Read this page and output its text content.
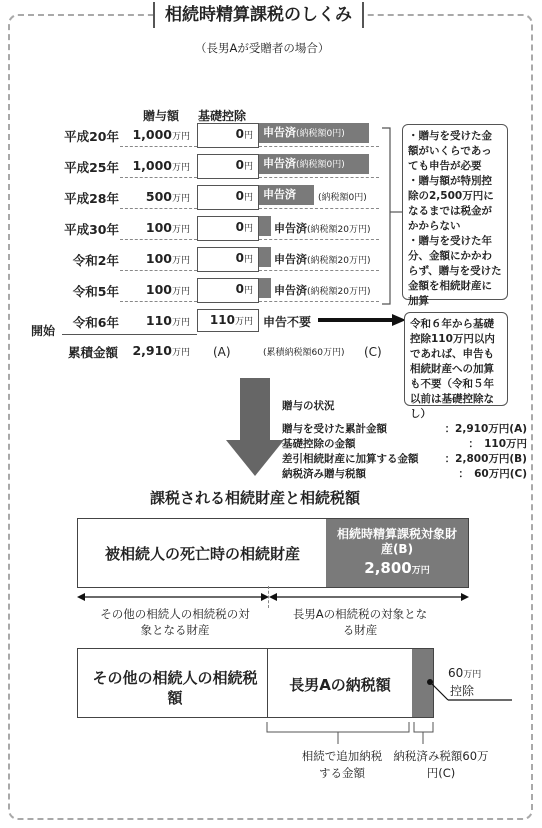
相続時精算課税のしくみ
（長男Aが受贈者の場合）
贈与額 基礎控除
平成20年	1,000万円	0円 申告済(納税額0円)
平成25年	1,000万円	0円 申告済(納税額0円)
平成28年	500万円	0円 申告済	(納税額0円)
平成30年	100万円	0円 申告済(納税額20万円)
令和2年	100万円	0円 申告済(納税額20万円)
令和5年	100万円	0円 申告済(納税額20万円)
令和6年	110万円	110万円 申告不要
開始
累積金額	2,910万円 (A)	(累積納税額60万円) (C)
・贈与を受けた金額がいくらであっても申告が必要
・贈与額が特別控除の2,500万円になるまでは税金がかからない
・贈与を受けた年分、金額にかかわらず、贈与を受けた金額を相続財産に加算
令和６年から基礎控除110万円以内であれば、申告も相続財産への加算も不要（令和５年以前は基礎控除なし）
贈与の状況
贈与を受けた累計金額	：2,910万円(A)
基礎控除の金額	：　110万円
差引相続財産に加算する金額 ：2,800万円(B)
納税済み贈与税額	：　60万円(C)
課税される相続財産と相続税額
被相続人の死亡時の相続財産
相続時精算課税対象財産(B)
2,800万円
その他の相続人の相続税の対象となる財産
長男Aの相続税の対象となる財産
その他の相続人の相続税額
長男Aの納税額
60万円
控除
相続で追加納税する金額
納税済み税額60万円(C)
